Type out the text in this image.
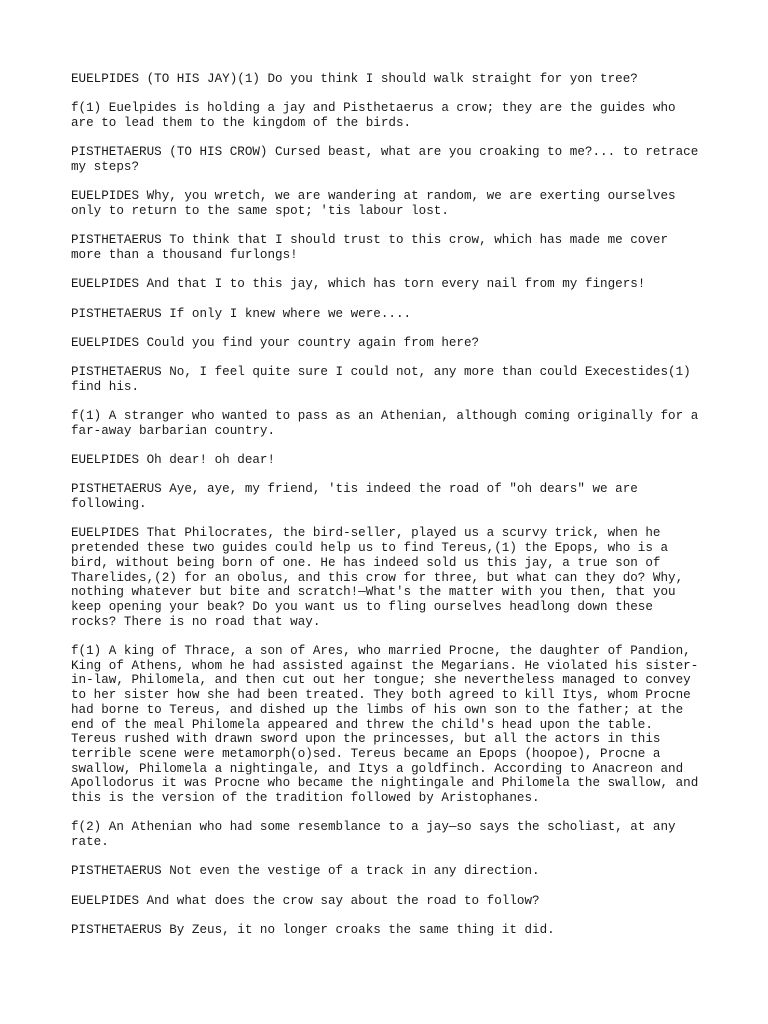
EUELPIDES (TO HIS JAY)(1) Do you think I should walk straight for yon tree?

f(1) Euelpides is holding a jay and Pisthetaerus a crow; they are the guides who are to lead them to the kingdom of the birds.

PISTHETAERUS (TO HIS CROW) Cursed beast, what are you croaking to me?... to retrace my steps?

EUELPIDES Why, you wretch, we are wandering at random, we are exerting ourselves only to return to the same spot; 'tis labour lost.

PISTHETAERUS To think that I should trust to this crow, which has made me cover more than a thousand furlongs!

EUELPIDES And that I to this jay, which has torn every nail from my fingers!

PISTHETAERUS If only I knew where we were....

EUELPIDES Could you find your country again from here?

PISTHETAERUS No, I feel quite sure I could not, any more than could Execestides(1) find his.

f(1) A stranger who wanted to pass as an Athenian, although coming originally for a far-away barbarian country.

EUELPIDES Oh dear! oh dear!

PISTHETAERUS Aye, aye, my friend, 'tis indeed the road of "oh dears" we are following.

EUELPIDES That Philocrates, the bird-seller, played us a scurvy trick, when he pretended these two guides could help us to find Tereus,(1) the Epops, who is a bird, without being born of one. He has indeed sold us this jay, a true son of Tharelides,(2) for an obolus, and this crow for three, but what can they do? Why, nothing whatever but bite and scratch!—What's the matter with you then, that you keep opening your beak? Do you want us to fling ourselves headlong down these rocks? There is no road that way.

f(1) A king of Thrace, a son of Ares, who married Procne, the daughter of Pandion, King of Athens, whom he had assisted against the Megarians. He violated his sister-in-law, Philomela, and then cut out her tongue; she nevertheless managed to convey to her sister how she had been treated. They both agreed to kill Itys, whom Procne had borne to Tereus, and dished up the limbs of his own son to the father; at the end of the meal Philomela appeared and threw the child's head upon the table. Tereus rushed with drawn sword upon the princesses, but all the actors in this terrible scene were metamorph(o)sed. Tereus became an Epops (hoopoe), Procne a swallow, Philomela a nightingale, and Itys a goldfinch. According to Anacreon and Apollodorus it was Procne who became the nightingale and Philomela the swallow, and this is the version of the tradition followed by Aristophanes.

f(2) An Athenian who had some resemblance to a jay—so says the scholiast, at any rate.

PISTHETAERUS Not even the vestige of a track in any direction.

EUELPIDES And what does the crow say about the road to follow?

PISTHETAERUS By Zeus, it no longer croaks the same thing it did.
